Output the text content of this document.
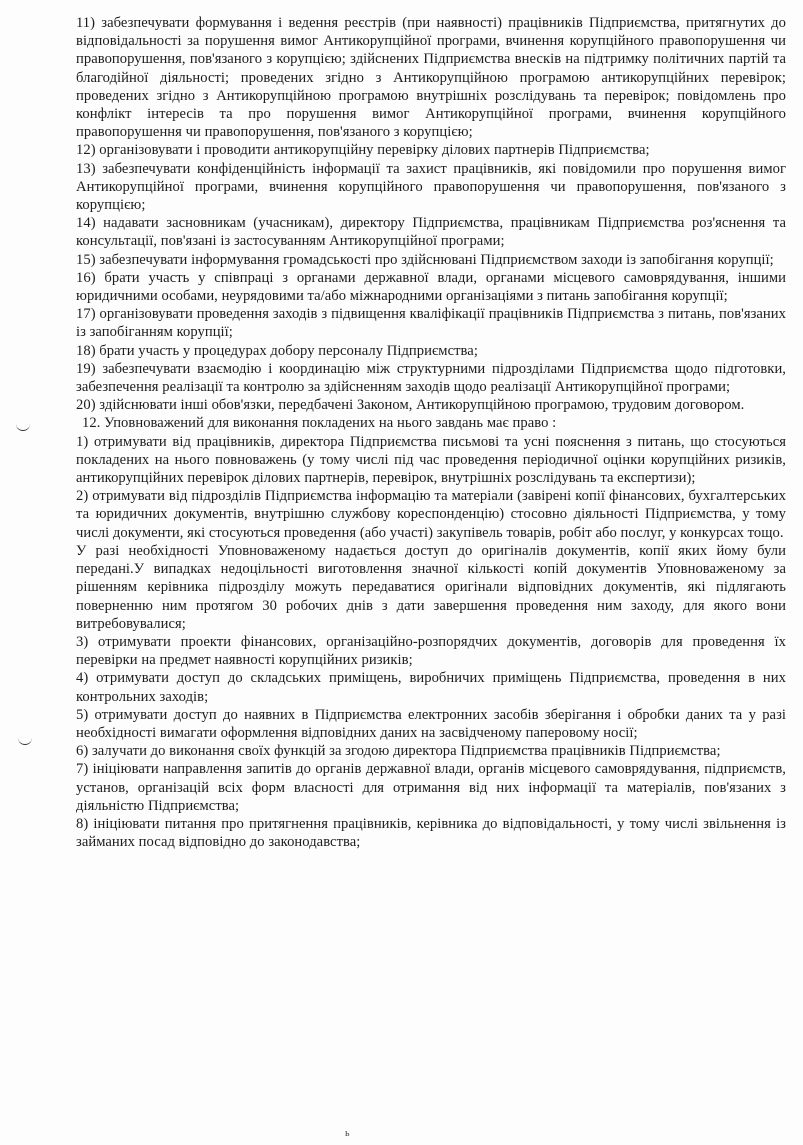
11) забезпечувати формування і ведення реєстрів (при наявності) працівників Підприємства, притягнутих до відповідальності за порушення вимог Антикорупційної програми, вчинення корупційного правопорушення чи правопорушення, пов'язаного з корупцією; здійснених Підприємства внесків на підтримку політичних партій та благодійної діяльності; проведених згідно з Антикорупційною програмою антикорупційних перевірок; проведених згідно з Антикорупційною програмою внутрішніх розслідувань та перевірок; повідомлень про конфлікт інтересів та про порушення вимог Антикорупційної програми, вчинення корупційного правопорушення чи правопорушення, пов'язаного з корупцією;

12) організовувати і проводити антикорупційну перевірку ділових партнерів Підприємства;

13) забезпечувати конфіденційність інформації та захист працівників, які повідомили про порушення вимог Антикорупційної програми, вчинення корупційного правопорушення чи правопорушення, пов'язаного з корупцією;

14) надавати засновникам (учасникам), директору Підприємства, працівникам Підприємства роз'яснення та консультації, пов'язані із застосуванням Антикорупційної програми;

15) забезпечувати інформування громадськості про здійснювані Підприємством заходи із запобігання корупції;

16) брати участь у співпраці з органами державної влади, органами місцевого самоврядування, іншими юридичними особами, неурядовими та/або міжнародними організаціями з питань запобігання корупції;

17) організовувати проведення заходів з підвищення кваліфікації працівників Підприємства з питань, пов'язаних із запобіганням корупції;

18) брати участь у процедурах добору персоналу Підприємства;

19) забезпечувати взаємодію і координацію між структурними підрозділами Підприємства щодо підготовки, забезпечення реалізації та контролю за здійсненням заходів щодо реалізації Антикорупційної програми;

20) здійснювати інші обов'язки, передбачені Законом, Антикорупційною програмою, трудовим договором.

12. Уповноважений для виконання покладених на нього завдань має право :

1) отримувати від працівників, директора Підприємства письмові та усні пояснення з питань, що стосуються покладених на нього повноважень (у тому числі під час проведення періодичної оцінки корупційних ризиків, антикорупційних перевірок ділових партнерів, перевірок, внутрішніх розслідувань та експертизи);

2) отримувати від підрозділів Підприємства інформацію та матеріали (завірені копії фінансових, бухгалтерських та юридичних документів, внутрішню службову кореспонденцію) стосовно діяльності Підприємства, у тому числі документи, які стосуються проведення (або участі) закупівель товарів, робіт або послуг, у конкурсах тощо.

У разі необхідності Уповноваженому надається доступ до оригіналів документів, копії яких йому були передані.У випадках недоцільності виготовлення значної кількості копій документів Уповноваженому за рішенням керівника підрозділу можуть передаватися оригінали відповідних документів, які підлягають поверненню ним протягом 30 робочих днів з дати завершення проведення ним заходу, для якого вони витребовувалися;

3) отримувати проекти фінансових, організаційно-розпорядчих документів, договорів для проведення їх перевірки на предмет наявності корупційних ризиків;

4) отримувати доступ до складських приміщень, виробничих приміщень Підприємства, проведення в них контрольних заходів;

5) отримувати доступ до наявних в Підприємства електронних засобів зберігання і обробки даних та у разі необхідності вимагати оформлення відповідних даних на засвідченому паперовому носії;

6) залучати до виконання своїх функцій за згодою директора Підприємства працівників Підприємства;

7) ініціювати направлення запитів до органів державної влади, органів місцевого самоврядування, підприємств, установ, організацій всіх форм власності для отримання від них інформації та матеріалів, пов'язаних з діяльністю Підприємства;

8) ініціювати питання про притягнення працівників, керівника до відповідальності, у тому числі звільнення із займаних посад відповідно до законодавства;

ь
